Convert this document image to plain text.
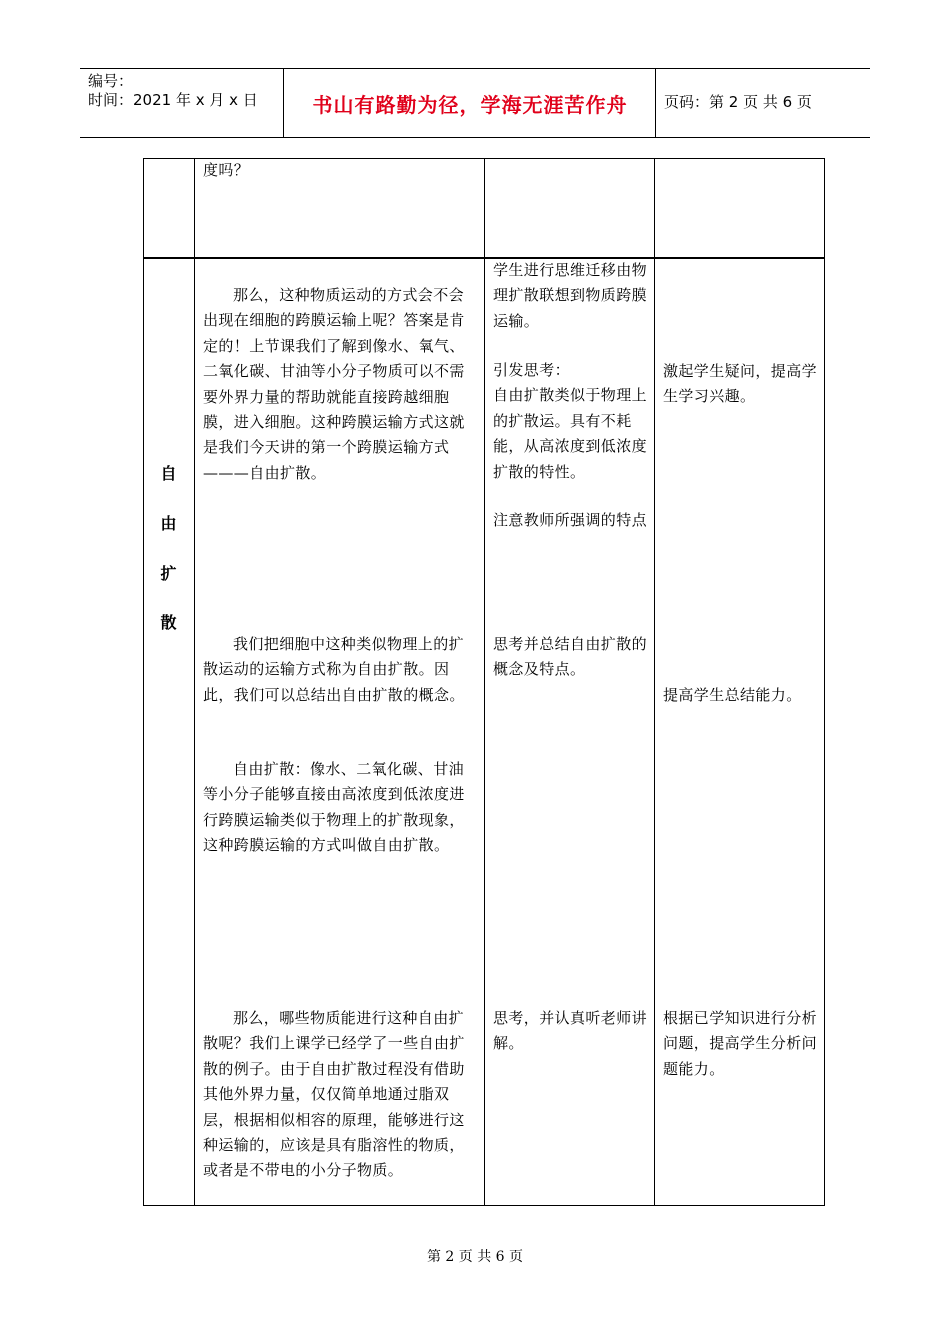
编号：
时间：2021 年 x 月 x 日	书山有路勤为径，学海无涯苦作舟	页码：第 2 页 共 6 页

度吗？

自
由
扩
散

那么，这种物质运动的方式会不会出现在细胞的跨膜运输上呢？答案是肯定的！上节课我们了解到像水、氧气、二氧化碳、甘油等小分子物质可以不需要外界力量的帮助就能直接跨越细胞膜，进入细胞。这种跨膜运输方式这就是我们今天讲的第一个跨膜运输方式———自由扩散。

我们把细胞中这种类似物理上的扩散运动的运输方式称为自由扩散。因此，我们可以总结出自由扩散的概念。

自由扩散：像水、二氧化碳、甘油等小分子能够直接由高浓度到低浓度进行跨膜运输类似于物理上的扩散现象，这种跨膜运输的方式叫做自由扩散。

那么，哪些物质能进行这种自由扩散呢？我们上课学已经学了一些自由扩散的例子。由于自由扩散过程没有借助其他外界力量，仅仅简单地通过脂双层，根据相似相容的原理，能够进行这种运输的，应该是具有脂溶性的物质，或者是不带电的小分子物质。

学生进行思维迁移由物理扩散联想到物质跨膜运输。

引发思考：

自由扩散类似于物理上的扩散运。具有不耗能，从高浓度到低浓度扩散的特性。

注意教师所强调的特点

思考并总结自由扩散的概念及特点。

思考，并认真听老师讲解。

激起学生疑问，提高学生学习兴趣。

提高学生总结能力。

根据已学知识进行分析问题，提高学生分析问题能力。

第 2 页 共 6 页
